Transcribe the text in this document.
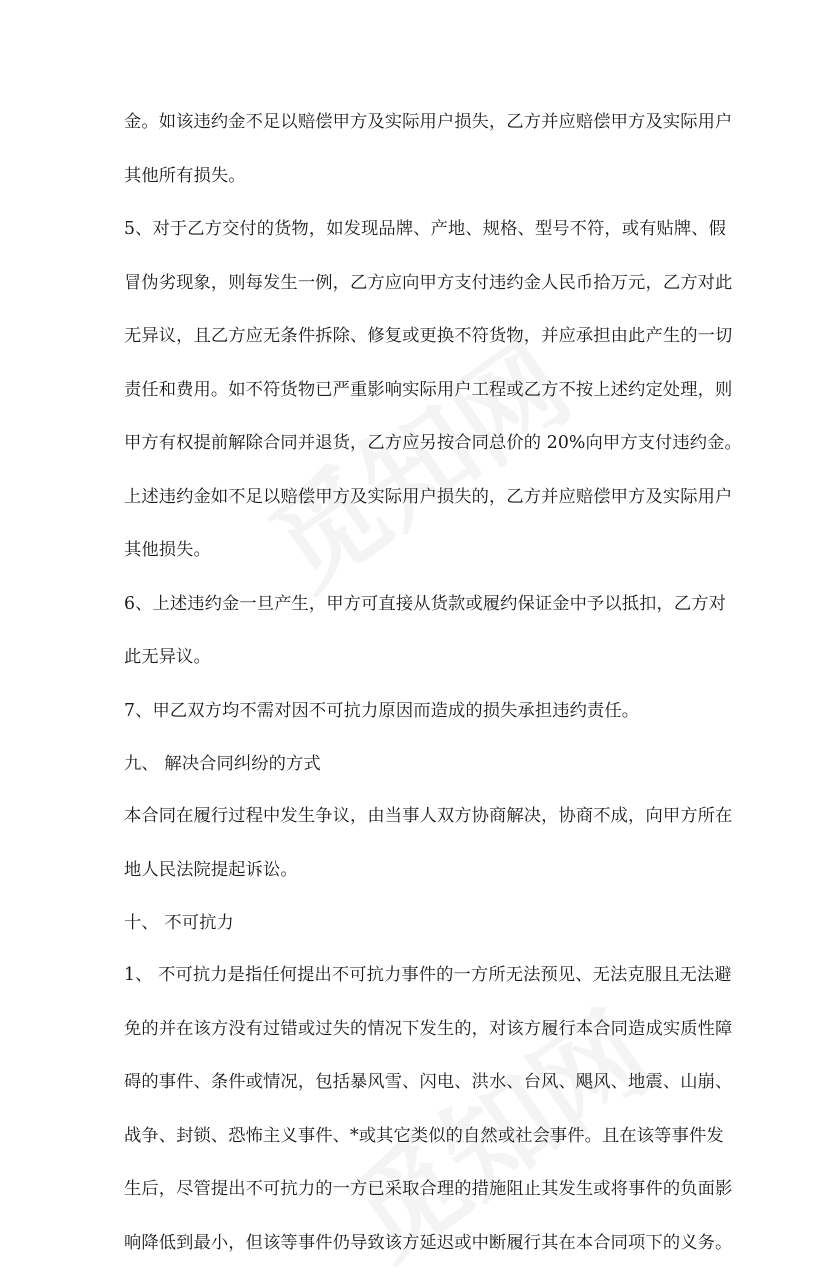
金。如该违约金不足以赔偿甲方及实际用户损失，乙方并应赔偿甲方及实际用户
其他所有损失。
5、对于乙方交付的货物，如发现品牌、产地、规格、型号不符，或有贴牌、假
冒伪劣现象，则每发生一例，乙方应向甲方支付违约金人民币拾万元，乙方对此
无异议，且乙方应无条件拆除、修复或更换不符货物，并应承担由此产生的一切
责任和费用。如不符货物已严重影响实际用户工程或乙方不按上述约定处理，则
甲方有权提前解除合同并退货，乙方应另按合同总价的 20%向甲方支付违约金。
上述违约金如不足以赔偿甲方及实际用户损失的，乙方并应赔偿甲方及实际用户
其他损失。
6、上述违约金一旦产生，甲方可直接从货款或履约保证金中予以抵扣，乙方对
此无异议。
7、甲乙双方均不需对因不可抗力原因而造成的损失承担违约责任。
九、 解决合同纠纷的方式
本合同在履行过程中发生争议，由当事人双方协商解决，协商不成，向甲方所在
地人民法院提起诉讼。
十、 不可抗力
1、 不可抗力是指任何提出不可抗力事件的一方所无法预见、无法克服且无法避
免的并在该方没有过错或过失的情况下发生的，对该方履行本合同造成实质性障
碍的事件、条件或情况，包括暴风雪、闪电、洪水、台风、飓风、地震、山崩、
战争、封锁、恐怖主义事件、*或其它类似的自然或社会事件。且在该等事件发
生后，尽管提出不可抗力的一方已采取合理的措施阻止其发生或将事件的负面影
响降低到最小，但该等事件仍导致该方延迟或中断履行其在本合同项下的义务。
